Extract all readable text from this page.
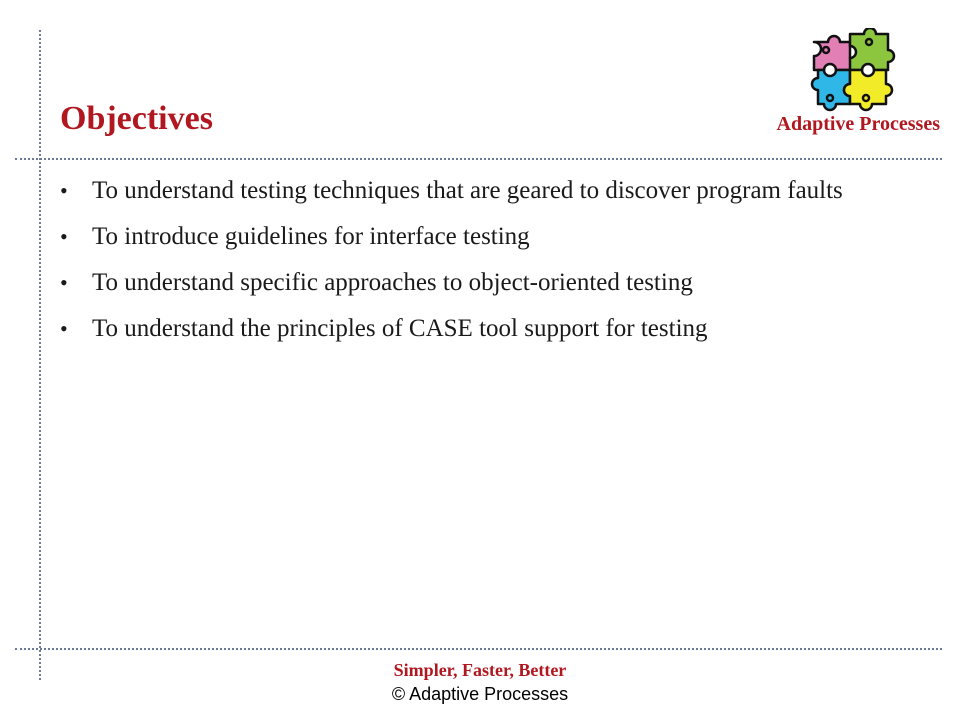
Objectives	Adaptive Processes
• To understand testing techniques that are geared to discover program faults
• To introduce guidelines for interface testing
• To understand specific approaches to object-oriented testing
• To understand the principles of CASE tool support for testing
Simpler, Faster, Better
© Adaptive Processes
